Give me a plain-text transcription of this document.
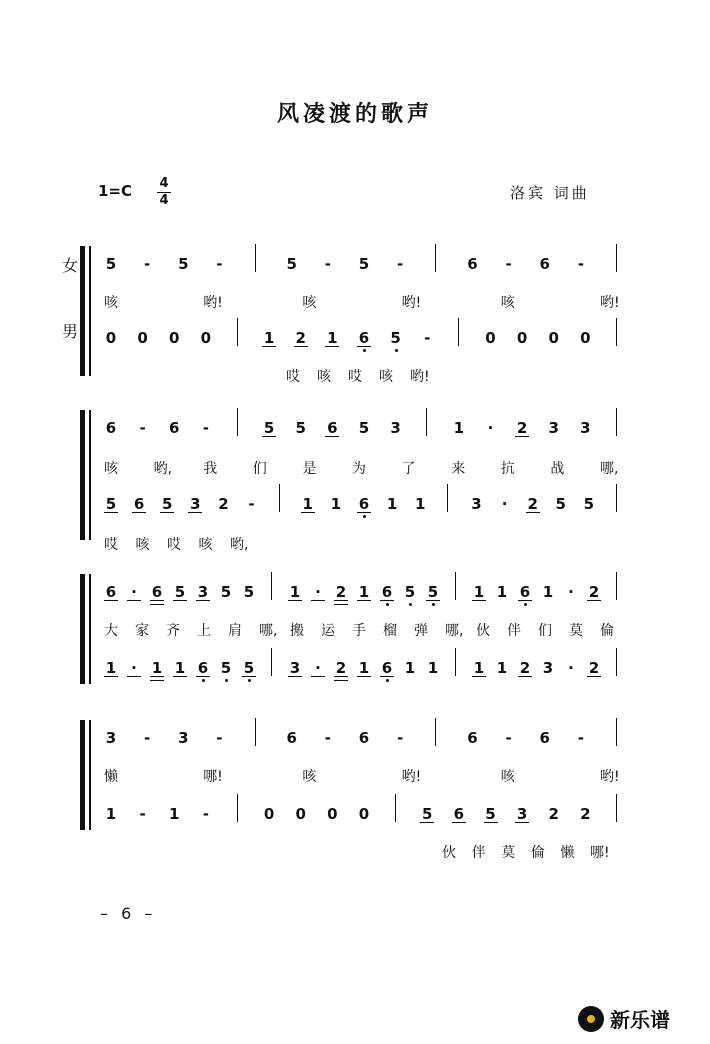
风凌渡的歌声
1=C 4
4	洛宾 词曲
女
男
5 - 5 -	5 - 5 -	6 - 6 -
咳	哟!	咳	哟!	咳	哟!
0 0 0 0	1 2 1 6 5 -	0 0 0 0
哎 咳 哎 咳 哟!
6 - 6 -	5 5 6 5 3	1 · 2 3 3
咳	哟, 我	们	是	为	了	来	抗	战	哪,
5 6 5 3 2 -	1 1 6 1 1	3 · 2 5 5
哎 咳 哎 咳 哟,
6 · 6 5 3 5 5 1 · 2 1 6 5 5 1 1 6 1 · 2
大 家 齐 上 肩 哪, 搬 运 手 榴 弹 哪, 伙 伴 们 莫 倫
1 · 1 1 6 5 5 3 · 2 1 6 1 1 1 1 2 3 · 2
3 - 3 -	6 - 6 -	6 - 6 -
懒	哪!	咳	哟!	咳	哟!
1 - 1 -	0 0 0 0	5 6 5 3 2 2
伙 伴 莫 倫 懒 哪!
– 6 –
新乐谱
